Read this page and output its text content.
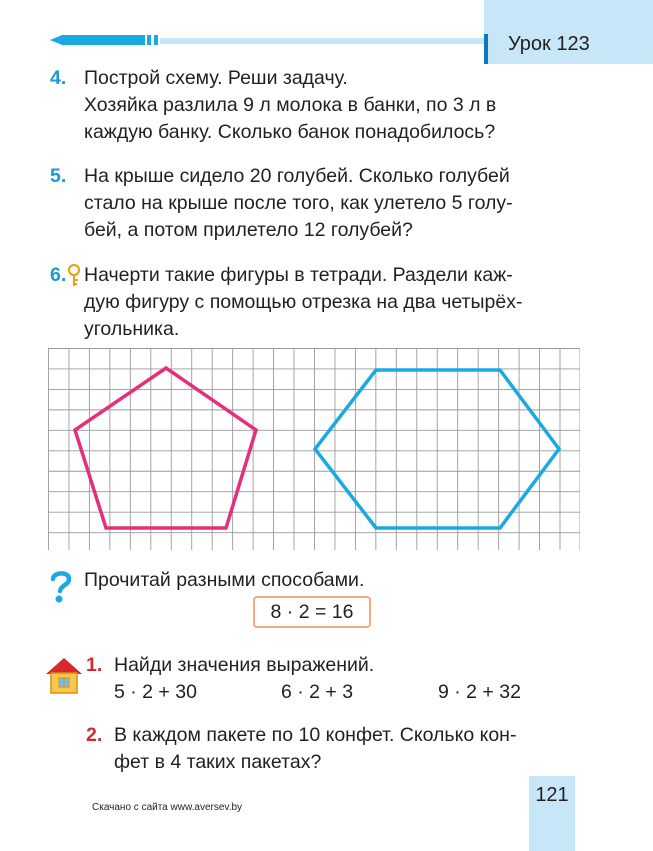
Урок 123
4. Построй схему. Реши задачу.
Хозяйка разлила 9 л молока в банки, по 3 л в
каждую банку. Сколько банок понадобилось?
5. На крыше сидело 20 голубей. Сколько голубей
стало на крыше после того, как улетело 5 голу-
бей, а потом прилетело 12 голубей?
6. Начерти такие фигуры в тетради. Раздели каж-
дую фигуру с помощью отрезка на два четырёх-
угольника.
Прочитай разными способами.
8 · 2 = 16
1. Найди значения выражений.
5 · 2 + 30	6 · 2 + 3	9 · 2 + 32
2. В каждом пакете по 10 конфет. Сколько кон-
фет в 4 таких пакетах?
Скачано с сайта www.aversev.by
121
